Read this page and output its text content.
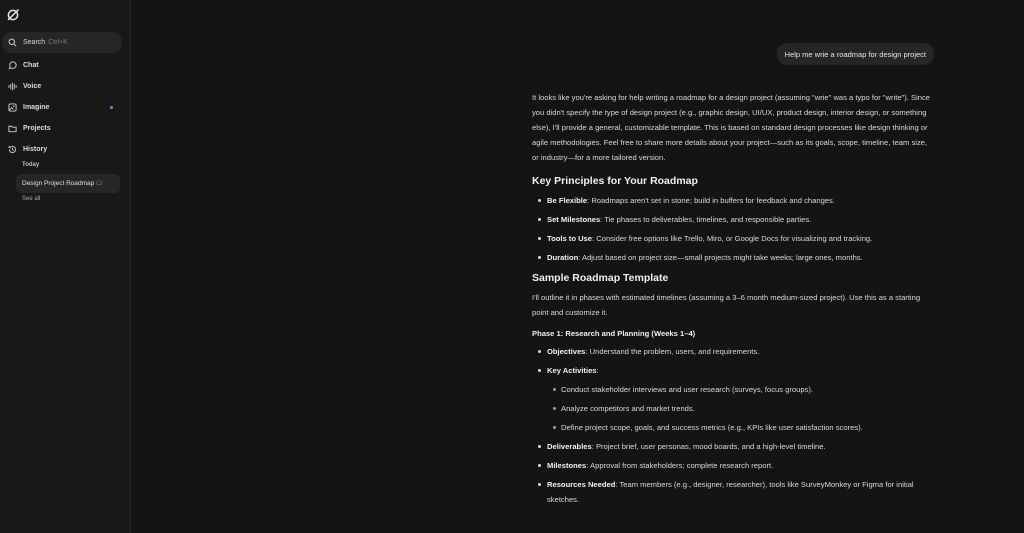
Search Ctrl+K
Chat
Voice
Imagine
Projects
History
Today
Design Project Roadmap
Cr
See all
Help me wrie a roadmap for design project

It looks like you're asking for help writing a roadmap for a design project (assuming "wrie" was a typo for "write"). Since you didn't specify the type of design project (e.g., graphic design, UI/UX, product design, interior design, or something else), I'll provide a general, customizable template. This is based on standard design processes like design thinking or agile methodologies. Feel free to share more details about your project—such as its goals, scope, timeline, team size, or industry—for a more tailored version.

Key Principles for Your Roadmap
Be Flexible: Roadmaps aren't set in stone; build in buffers for feedback and changes.
Set Milestones: Tie phases to deliverables, timelines, and responsible parties.
Tools to Use: Consider free options like Trello, Miro, or Google Docs for visualizing and tracking.
Duration: Adjust based on project size—small projects might take weeks; large ones, months.
Sample Roadmap Template

I'll outline it in phases with estimated timelines (assuming a 3–6 month medium-sized project). Use this as a starting point and customize it.

Phase 1: Research and Planning (Weeks 1–4)
Objectives: Understand the problem, users, and requirements.
Key Activities:
Conduct stakeholder interviews and user research (surveys, focus groups).
Analyze competitors and market trends.
Define project scope, goals, and success metrics (e.g., KPIs like user satisfaction scores).
Deliverables: Project brief, user personas, mood boards, and a high-level timeline.
Milestones: Approval from stakeholders; complete research report.
Resources Needed: Team members (e.g., designer, researcher), tools like SurveyMonkey or Figma for initial sketches.
